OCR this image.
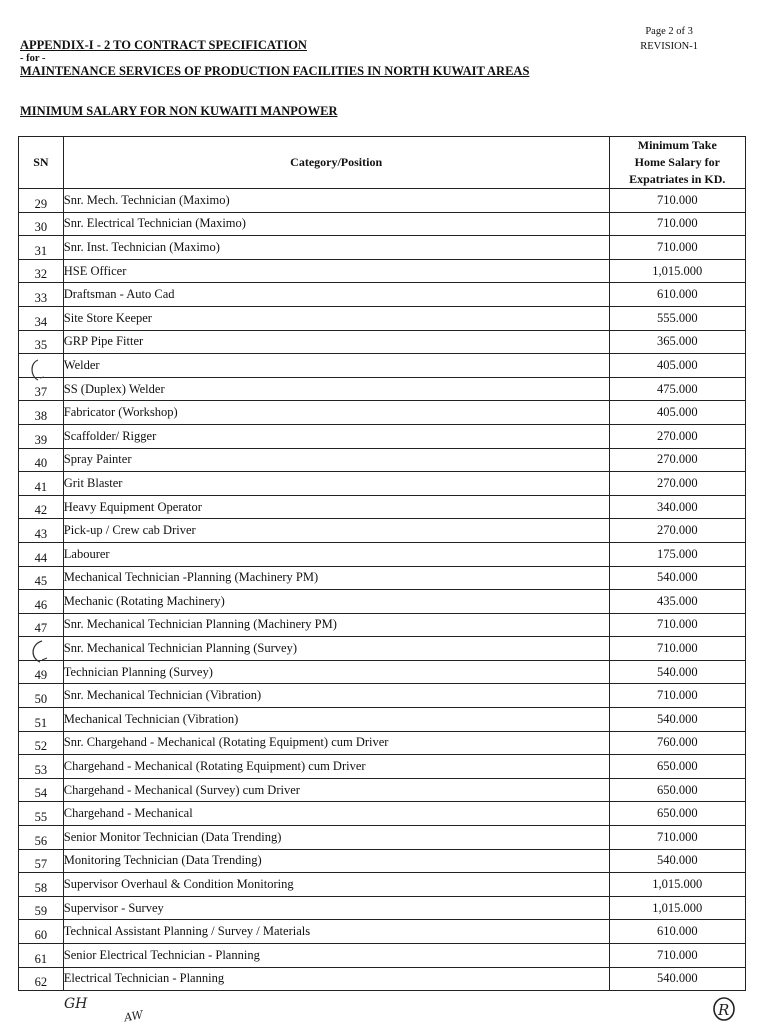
Page 2 of 3
REVISION-1
APPENDIX-I - 2 TO CONTRACT SPECIFICATION
- for -
MAINTENANCE SERVICES OF PRODUCTION FACILITIES IN NORTH KUWAIT AREAS
MINIMUM SALARY FOR NON KUWAITI MANPOWER
SN	Category/Position	Minimum Take
Home Salary for
Expatriates in KD.

29	Snr. Mech. Technician (Maximo)	710.000
30	Snr. Electrical Technician (Maximo)	710.000
31	Snr. Inst. Technician (Maximo)	710.000
32	HSE Officer	1,015.000
33	Draftsman - Auto Cad	610.000
34	Site Store Keeper	555.000
35	GRP Pipe Fitter	365.000
	Welder	405.000
37	SS (Duplex) Welder	475.000
38	Fabricator (Workshop)	405.000
39	Scaffolder/ Rigger	270.000
40	Spray Painter	270.000
41	Grit Blaster	270.000
42	Heavy Equipment Operator	340.000
43	Pick-up / Crew cab Driver	270.000
44	Labourer	175.000
45	Mechanical Technician -Planning (Machinery PM)	540.000
46	Mechanic (Rotating Machinery)	435.000
47	Snr. Mechanical Technician Planning (Machinery PM)	710.000
	Snr. Mechanical Technician Planning (Survey)	710.000
49	Technician Planning (Survey)	540.000
50	Snr. Mechanical Technician (Vibration)	710.000
51	Mechanical Technician (Vibration)	540.000
52	Snr. Chargehand - Mechanical (Rotating Equipment) cum Driver	760.000
53	Chargehand - Mechanical (Rotating Equipment) cum Driver	650.000
54	Chargehand - Mechanical (Survey) cum Driver	650.000
55	Chargehand - Mechanical	650.000
56	Senior Monitor Technician (Data Trending)	710.000
57	Monitoring Technician (Data Trending)	540.000
58	Supervisor Overhaul & Condition Monitoring	1,015.000
59	Supervisor - Survey	1,015.000
60	Technical Assistant Planning / Survey / Materials	610.000
61	Senior Electrical Technician - Planning	710.000
62	Electrical Technician - Planning	540.000
GH
AW	R
